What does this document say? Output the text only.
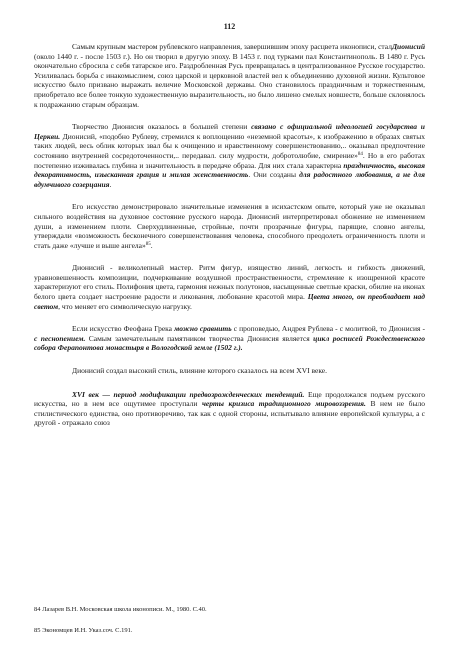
112

Самым крупным мастером рублевского направления, завершившим эпоху расцвета иконописи, сталДионисий (около 1440 г. - после 1503 г.). Но он творил в другую эпоху. В 1453 г. под турками пал Константинополь. В 1480 г. Русь окончательно сбросила с себя татарское иго. Раздробленная Русь превращалась в централизованное Русское государство. Усиливалась борьба с инакомыслием, союз царской и церковной властей вел к объединению духовной жизни. Культовое искусство было призвано выражать величие Московской державы. Оно становилось праздничным и торжественным, приобретало все более тонкую художественную выразительность, но было лишено смелых новшеств, больше склонялось к подражанию старым образцам.

Творчество Дионисия оказалось в большей степени связано с официальной идеологией государства и Церкви. Дионисий, «подобно Рублеву, стремился к воплощению «неземной красоты», к изображению в образах святых таких людей, весь облик которых звал бы к очищению и нравственному совершенствованию,.. оказывал предпочтение состоянию внутренней сосредоточенности,.. передавал. силу мудрости, добротолюбие, смирение»$^{84}$. Но в его работах постепенно изживалась глубина и значительность в передаче образа. Для них стала характерна праздничность, высокая декоративность, изысканная грация и милая женственность. Они созданы для радостного любования, а не для вдумчивого созерцания.

Его искусство демонстрировало значительные изменения в исихастском опыте, который уже не оказывал сильного воздействия на духовное состояние русского народа. Дионисий интерпретировал обожение не изменением души, а изменением плоти. Сверхудлиненные, стройные, почти прозрачные фигуры, парящие, словно ангелы, утверждали «возможность бесконечного совершенствования человека, способного преодолеть ограниченность плоти и стать даже «лучше и выше ангела»$^{85}$.

Дионисий - великолепный мастер. Ритм фигур, изящество линий, легкость и гибкость движений, уравновешенность композиции, подчеркивание воздушной пространственности, стремление к изощренной красоте характеризуют его стиль. Полифония цвета, гармония нежных полутонов, насыщенные светлые краски, обилие на иконах белого цвета создает настроение радости и ликования, любование красотой мира. Цвета много, он преобладает над светом, что меняет его символическую нагрузку.

Если искусство Феофана Грека можно сравнить с проповедью, Андрея Рублева - с молитвой, то Дионисия - с песнопением. Самым замечательным памятником творчества Дионисия является цикл росписей Рождественского собора Ферапонтова монастыря в Вологодской земле (1502 г.).

Дионисий создал высокий стиль, влияние которого сказалось на всем XVI веке.

XVI век — период модификации предвозрожденческих тенденций. Еще продолжался подъем русского искусства, но в нем все ощутимее проступали черты кризиса традиционного мировоззрения. В нем не было стилистического единства, оно противоречиво, так как с одной стороны, испытывало влияние европейской культуры, а с другой - отражало союз

84 Лазарев В.Н. Московская школа иконописи. М., 1980. С.40.
85 Экономцев И.Н. Указ.соч. С.191.
